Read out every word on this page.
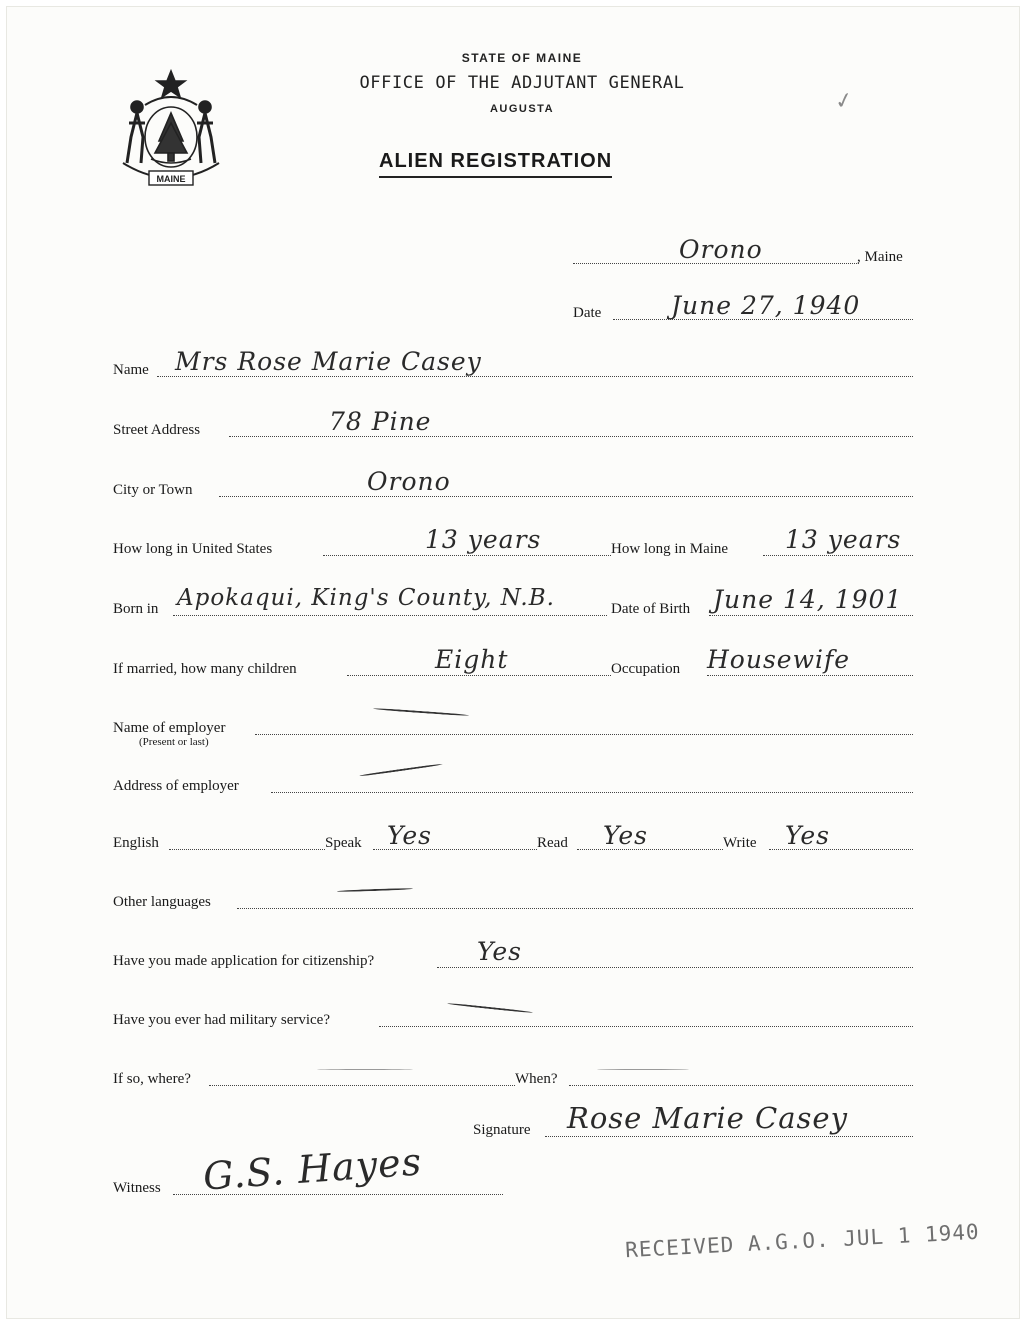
MAINE
STATE OF MAINE
OFFICE OF THE ADJUTANT GENERAL
AUGUSTA
ALIEN REGISTRATION
✓
Orono	, Maine
Date	June 27, 1940
Name Mrs Rose Marie Casey
Street Address	78 Pine
City or Town	Orono
How long in United States	13 years	How long in Maine 13 years
Born in Apokaqui, King's County, N.B.	Date of Birth June 14, 1901
If married, how many children	Eight	Occupation Housewife
Name of employer
(Present or last)
Address of employer
English	Speak Yes	Read Yes	Write Yes
Other languages
Have you made application for citizenship?	Yes
Have you ever had military service?
If so, where?	When?
Signature Rose Marie Casey
Witness G.S. Hayes
RECEIVED A.G.O. JUL 1 1940
